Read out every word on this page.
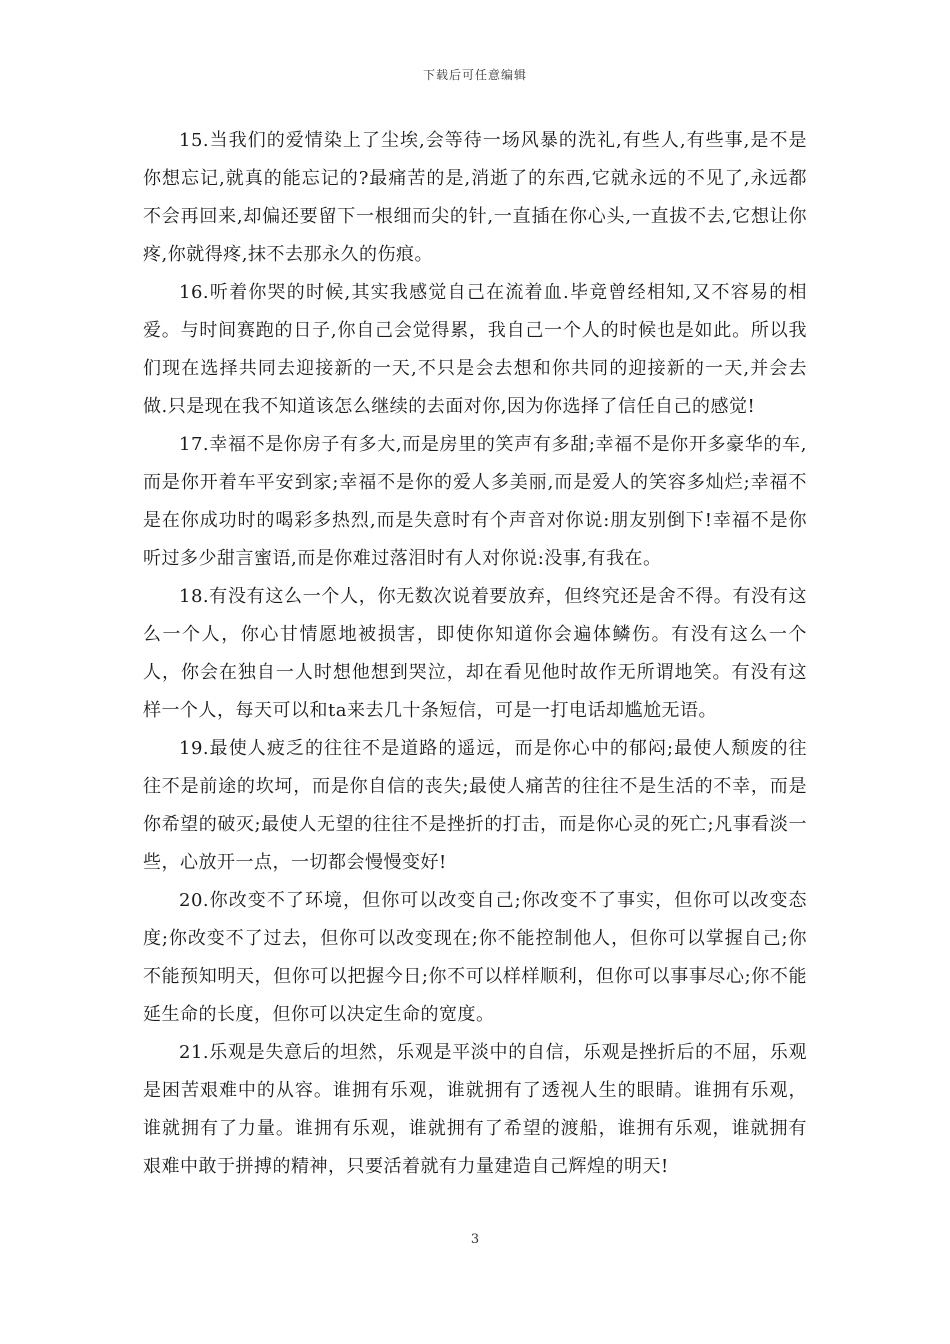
下载后可任意编辑

15.当我们的爱情染上了尘埃,会等待一场风暴的洗礼,有些人,有些事,是不是你想忘记,就真的能忘记的?最痛苦的是,消逝了的东西,它就永远的不见了,永远都不会再回来,却偏还要留下一根细而尖的针,一直插在你心头,一直拔不去,它想让你疼,你就得疼,抹不去那永久的伤痕。

16.听着你哭的时候,其实我感觉自己在流着血.毕竟曾经相知,又不容易的相爱。与时间赛跑的日子,你自己会觉得累，我自己一个人的时候也是如此。所以我们现在选择共同去迎接新的一天,不只是会去想和你共同的迎接新的一天,并会去做.只是现在我不知道该怎么继续的去面对你,因为你选择了信任自己的感觉!

17.幸福不是你房子有多大,而是房里的笑声有多甜;幸福不是你开多豪华的车,而是你开着车平安到家;幸福不是你的爱人多美丽,而是爱人的笑容多灿烂;幸福不是在你成功时的喝彩多热烈,而是失意时有个声音对你说:朋友别倒下!幸福不是你听过多少甜言蜜语,而是你难过落泪时有人对你说:没事,有我在。

18.有没有这么一个人，你无数次说着要放弃，但终究还是舍不得。有没有这么一个人，你心甘情愿地被损害，即使你知道你会遍体鳞伤。有没有这么一个人，你会在独自一人时想他想到哭泣，却在看见他时故作无所谓地笑。有没有这样一个人，每天可以和ta来去几十条短信，可是一打电话却尴尬无语。

19.最使人疲乏的往往不是道路的遥远，而是你心中的郁闷;最使人颓废的往往不是前途的坎坷，而是你自信的丧失;最使人痛苦的往往不是生活的不幸，而是你希望的破灭;最使人无望的往往不是挫折的打击，而是你心灵的死亡;凡事看淡一些，心放开一点，一切都会慢慢变好!

20.你改变不了环境，但你可以改变自己;你改变不了事实，但你可以改变态度;你改变不了过去，但你可以改变现在;你不能控制他人，但你可以掌握自己;你不能预知明天，但你可以把握今日;你不可以样样顺利，但你可以事事尽心;你不能延生命的长度，但你可以决定生命的宽度。

21.乐观是失意后的坦然，乐观是平淡中的自信，乐观是挫折后的不屈，乐观是困苦艰难中的从容。谁拥有乐观，谁就拥有了透视人生的眼睛。谁拥有乐观，谁就拥有了力量。谁拥有乐观，谁就拥有了希望的渡船，谁拥有乐观，谁就拥有艰难中敢于拼搏的精神，只要活着就有力量建造自己辉煌的明天!

3
